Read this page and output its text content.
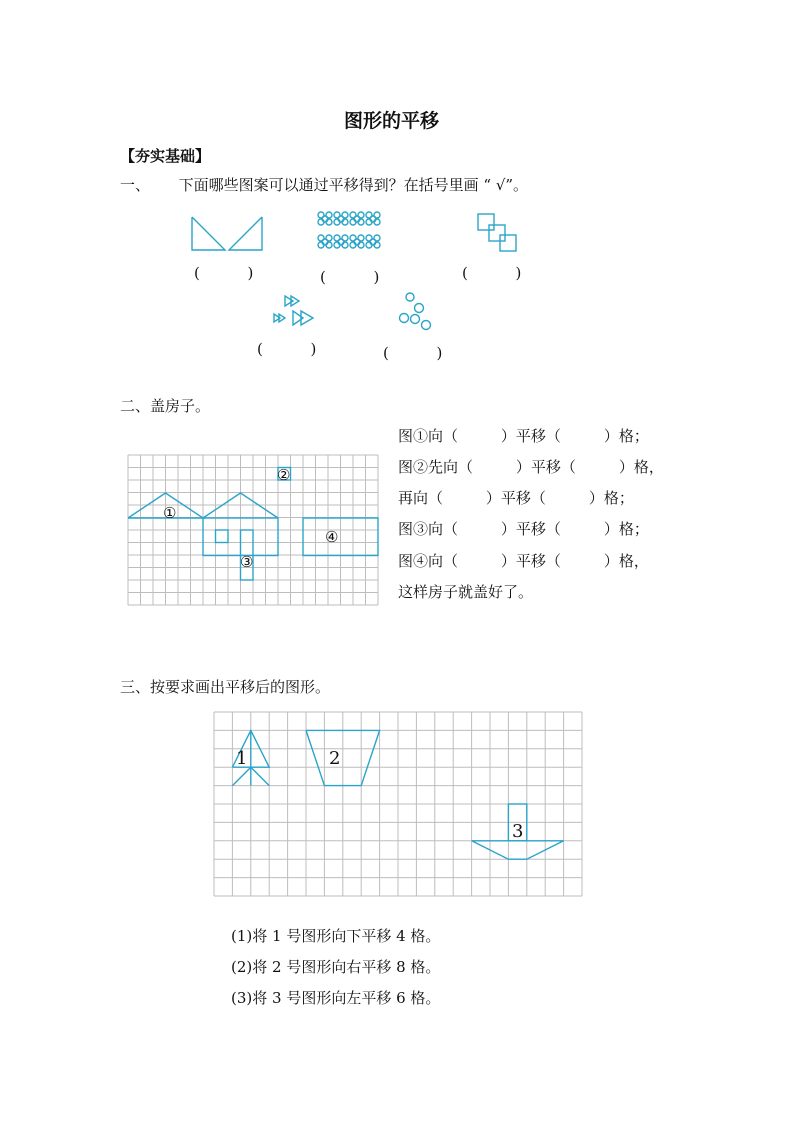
图形的平移
【夯实基础】
一、      下面哪些图案可以通过平移得到？在括号里画 “ √”。
(          )	(          )	(          )
(          )	(          )
二、盖房子。
①
②
③
④
图①向（         ）平移（         ）格；
图②先向（         ）平移（         ）格，
再向（         ）平移（         ）格；
图③向（         ）平移（         ）格；
图④向（         ）平移（         ）格，
这样房子就盖好了。
三、按要求画出平移后的图形。
1	2
3
(1)将 1 号图形向下平移 4 格。
(2)将 2 号图形向右平移 8 格。
(3)将 3 号图形向左平移 6 格。
